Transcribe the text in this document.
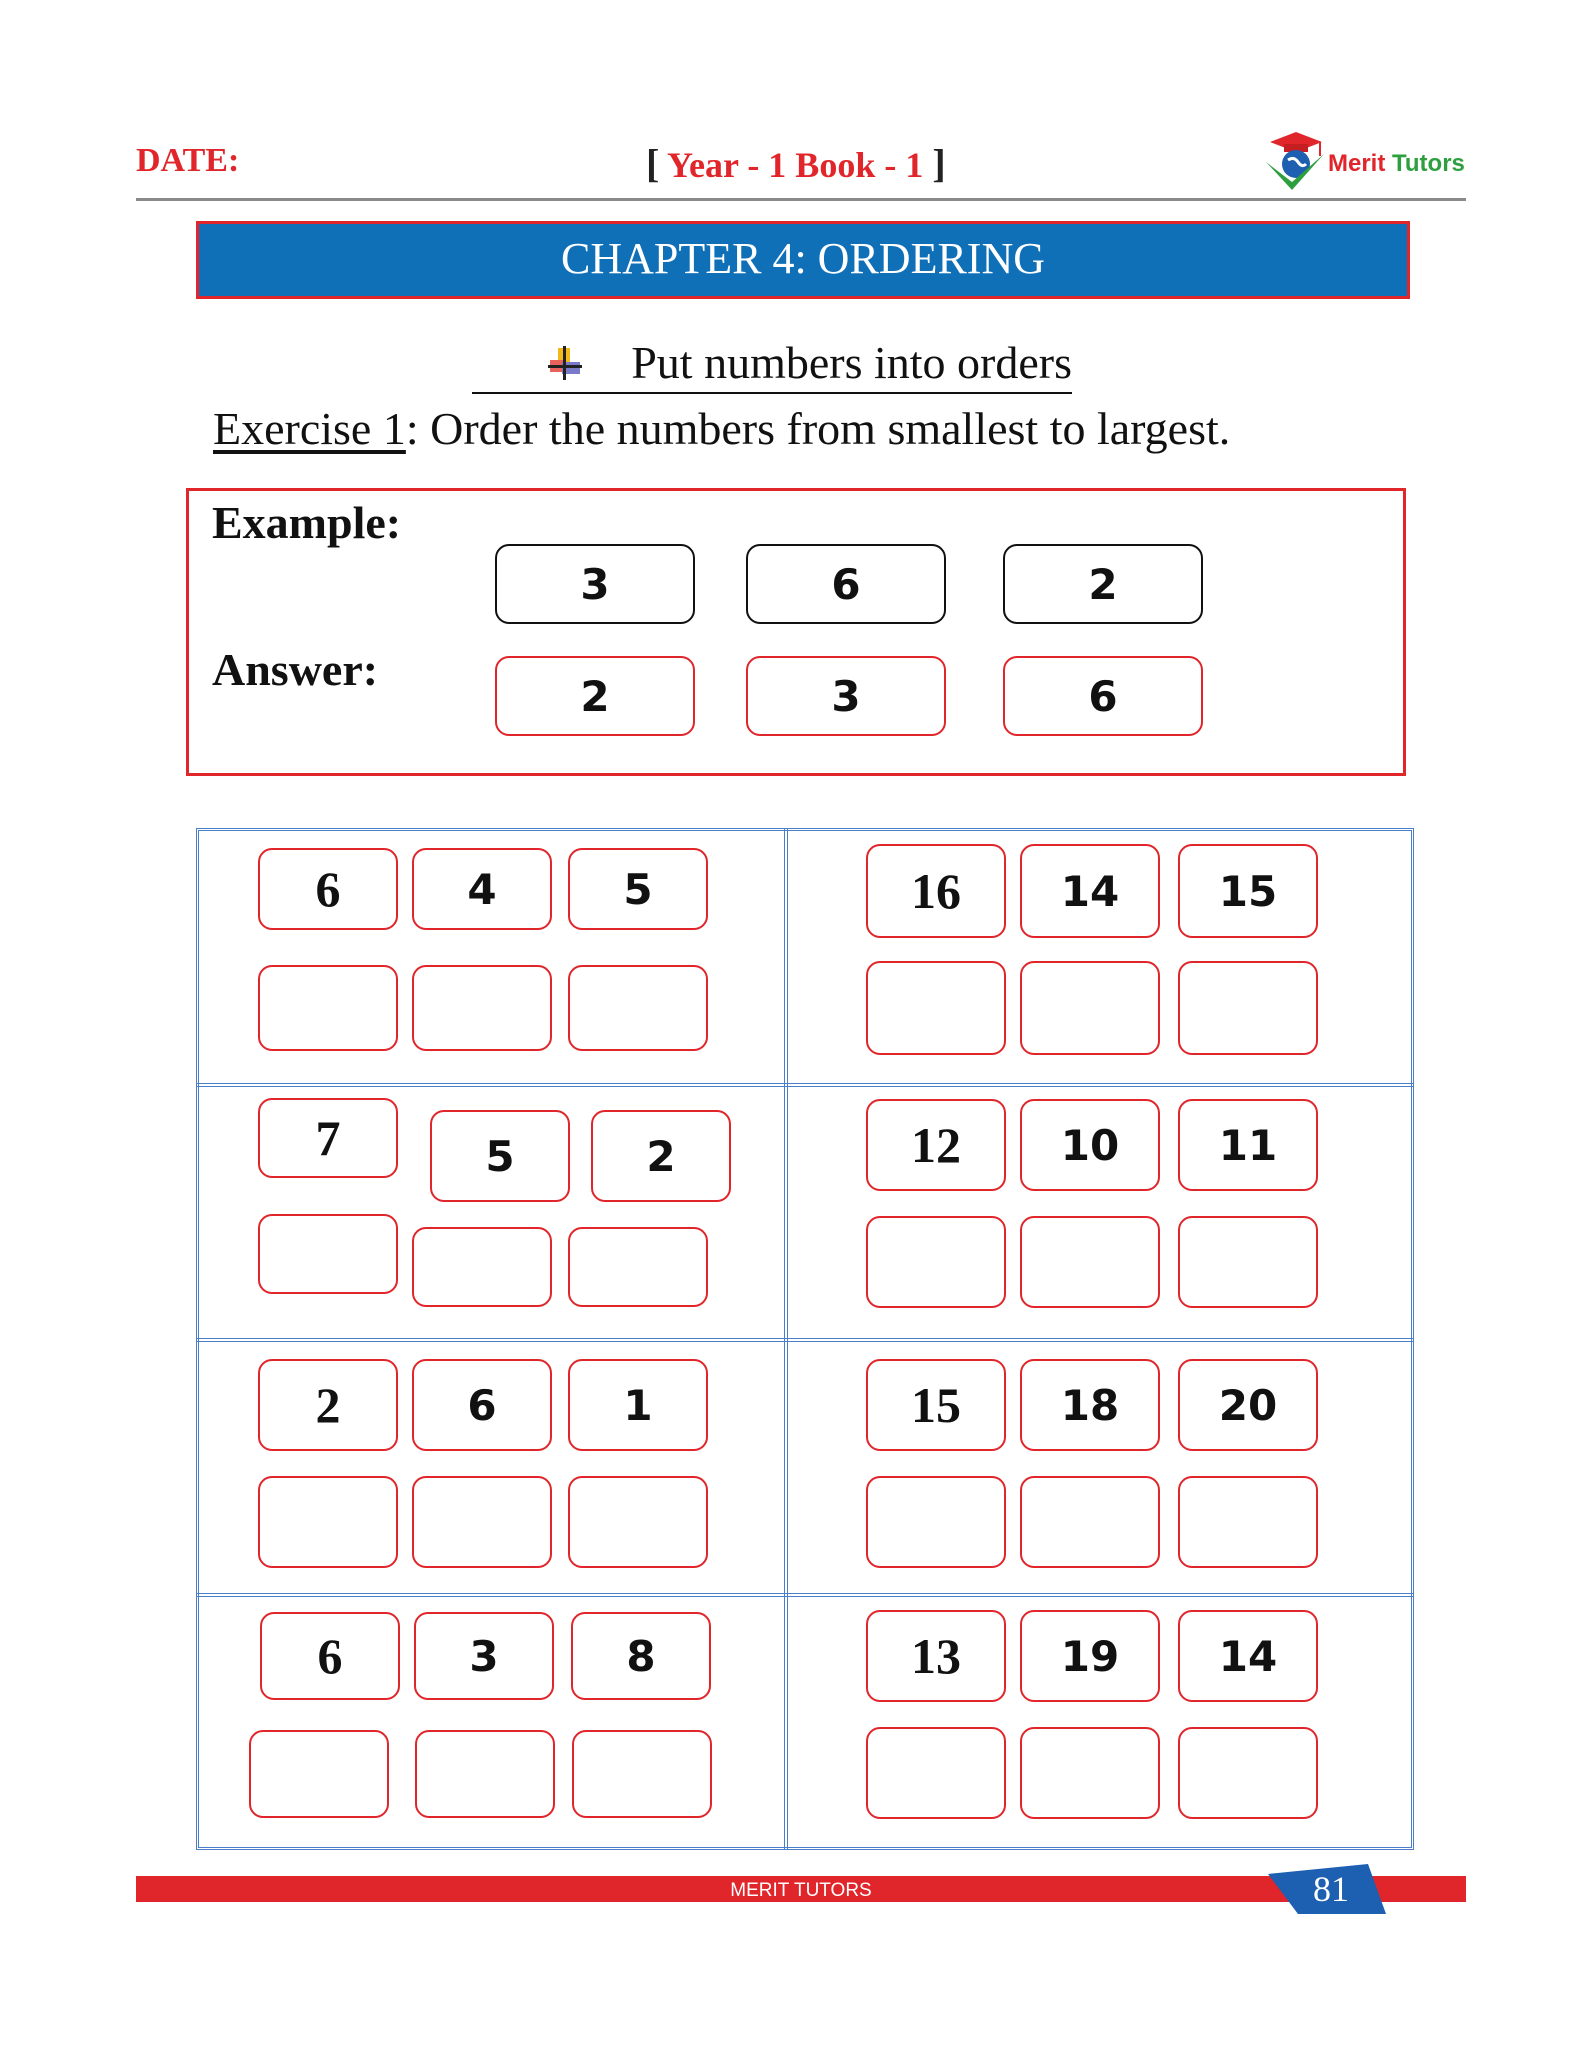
DATE:	[ Year - 1 Book - 1 ]	Merit Tutors
CHAPTER 4: ORDERING
Put numbers into orders
Exercise 1: Order the numbers from smallest to largest.
Example:
Answer:
3	6	2
2	3	6
6	4	5	16	14	15
7	5	2	12	10	11
2	6	1	15	18	20
6	3	8	13	19	14
MERIT TUTORS	81
